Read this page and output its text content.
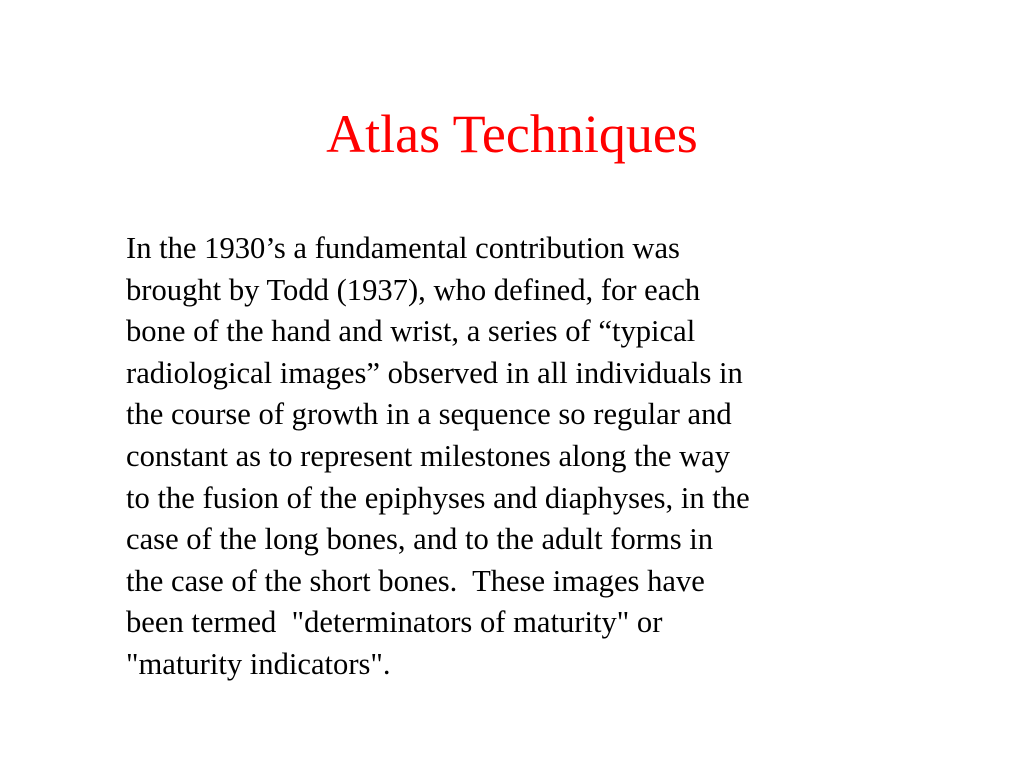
Atlas Techniques
In the 1930’s a fundamental contribution was
brought by Todd (1937), who defined, for each
bone of the hand and wrist, a series of “typical
radiological images” observed in all individuals in
the course of growth in a sequence so regular and
constant as to represent milestones along the way
to the fusion of the epiphyses and diaphyses, in the
case of the long bones, and to the adult forms in
the case of the short bones.  These images have
been termed  "determinators of maturity" or
"maturity indicators".
